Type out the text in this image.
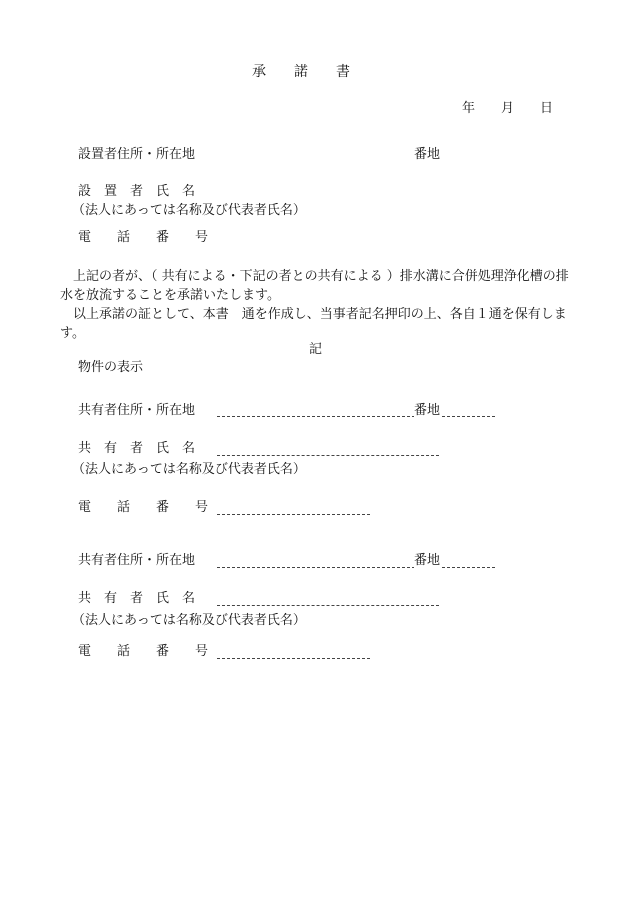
承　　諾　　書
年　　月　　日
設置者住所・所在地	番地
設　置　者　氏　名
（法人にあっては名称及び代表者氏名）
電　　話　　番　　号
　上記の者が、（ 共有による・下記の者との共有による ）排水溝に合併処理浄化槽の排水を放流することを承諾いたします。
　以上承諾の証として、本書　通を作成し、当事者記名押印の上、各自１通を保有します。
記
物件の表示
共有者住所・所在地	番地
共　有　者　氏　名
（法人にあっては名称及び代表者氏名）
電　　話　　番　　号
共有者住所・所在地	番地
共　有　者　氏　名
（法人にあっては名称及び代表者氏名）
電　　話　　番　　号
